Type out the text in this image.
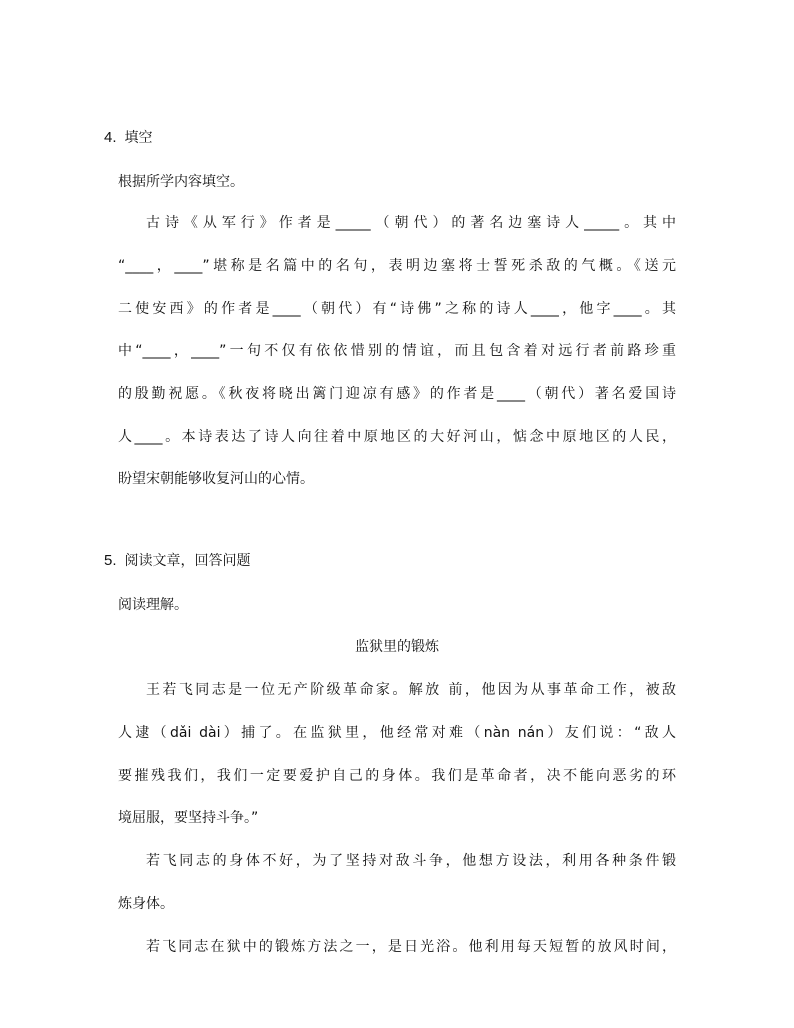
4. 填空
根据所学内容填空。
古诗《从军行》作者是_____（朝代）的著名边塞诗人_____。其中
“____，____”堪称是名篇中的名句，表明边塞将士誓死杀敌的气概。《送元
二使安西》的作者是____（朝代）有“诗佛”之称的诗人____，他字____。其
中“____，____”一句不仅有依依惜别的情谊，而且包含着对远行者前路珍重
的殷勤祝愿。《秋夜将晓出篱门迎凉有感》的作者是____（朝代）著名爱国诗
人____。本诗表达了诗人向往着中原地区的大好河山，惦念中原地区的人民，
盼望宋朝能够收复河山的心情。
5. 阅读文章，回答问题
阅读理解。
监狱里的锻炼
王若飞同志是一位无产阶级革命家。解放 前，他因为从事革命工作，被敌
人逮（dǎi dài）捕了。在监狱里，他经常对难（nàn nán）友们说：“敌人
要摧残我们，我们一定要爱护自己的身体。我们是革命者，决不能向恶劣的环
境屈服，要坚持斗争。”
若飞同志的身体不好，为了坚持对敌斗争，他想方设法，利用各种条件锻
炼身体。
若飞同志在狱中的锻炼方法之一，是日光浴。他利用每天短暂的放风时间，
